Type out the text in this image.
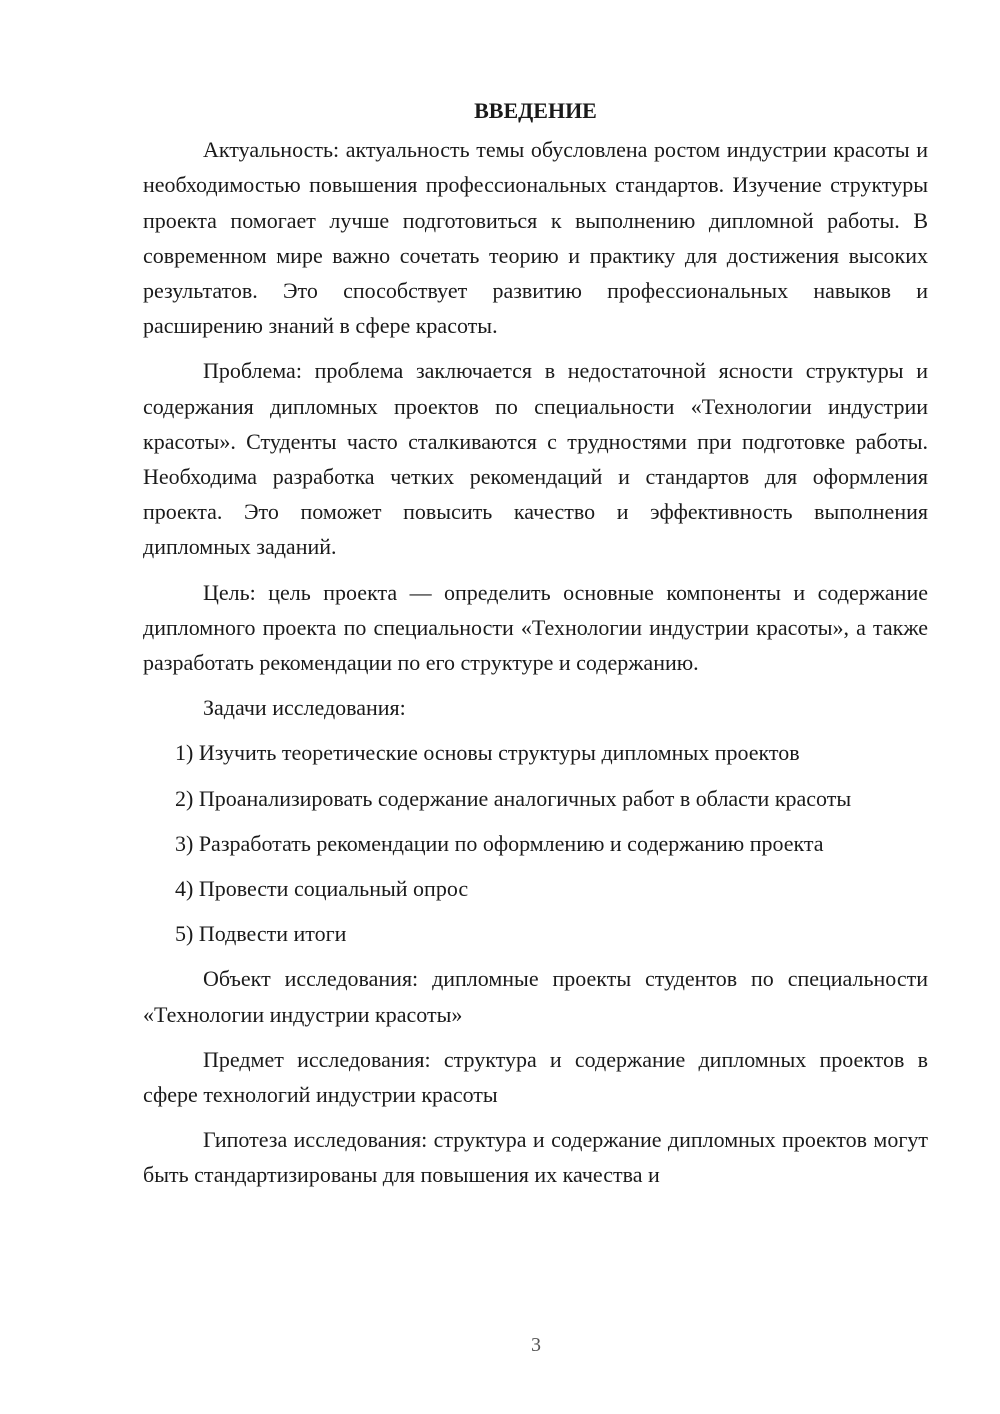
ВВЕДЕНИЕ

Актуальность: актуальность темы обусловлена ростом индустрии красоты и необходимостью повышения профессиональных стандартов. Изучение структуры проекта помогает лучше подготовиться к выполнению дипломной работы. В современном мире важно сочетать теорию и практику для достижения высоких результатов. Это способствует развитию профессиональных навыков и расширению знаний в сфере красоты.

Проблема: проблема заключается в недостаточной ясности структуры и содержания дипломных проектов по специальности «Технологии индустрии красоты». Студенты часто сталкиваются с трудностями при подготовке работы. Необходима разработка четких рекомендаций и стандартов для оформления проекта. Это поможет повысить качество и эффективность выполнения дипломных заданий.

Цель: цель проекта — определить основные компоненты и содержание дипломного проекта по специальности «Технологии индустрии красоты», а также разработать рекомендации по его структуре и содержанию.

Задачи исследования:

1) Изучить теоретические основы структуры дипломных проектов

2) Проанализировать содержание аналогичных работ в области красоты

3) Разработать рекомендации по оформлению и содержанию проекта

4) Провести социальный опрос

5) Подвести итоги

Объект исследования: дипломные проекты студентов по специальности «Технологии индустрии красоты»

Предмет исследования: структура и содержание дипломных проектов в сфере технологий индустрии красоты

Гипотеза исследования: структура и содержание дипломных проектов могут быть стандартизированы для повышения их качества и

3
